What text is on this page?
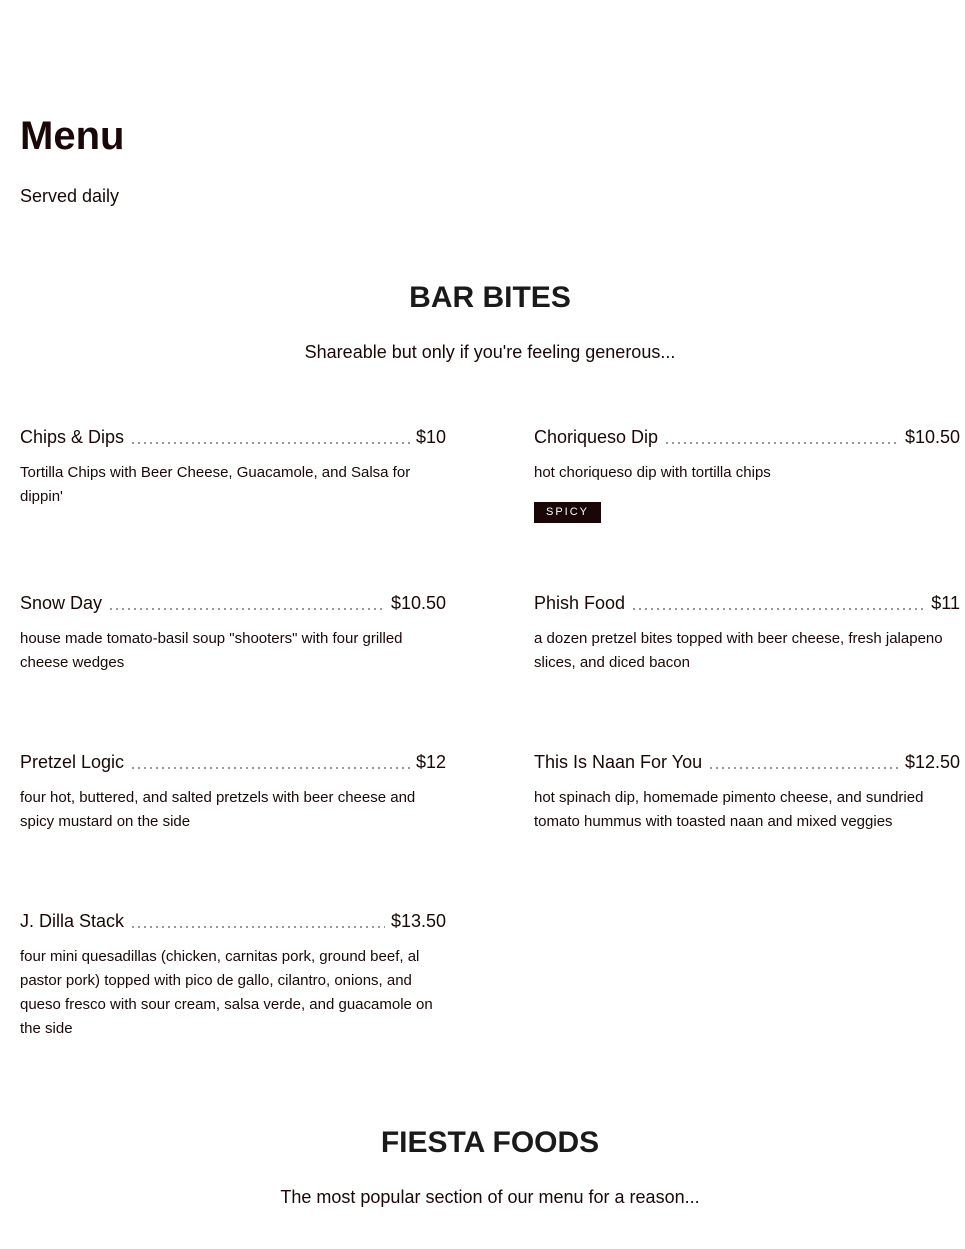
Menu

Served daily

BAR BITES

Shareable but only if you're feeling generous...

Chips & Dips	$10

Tortilla Chips with Beer Cheese, Guacamole, and Salsa for dippin'

Choriqueso Dip	$10.50

hot choriqueso dip with tortilla chips

SPICY
Snow Day	$10.50

house made tomato-basil soup "shooters" with four grilled cheese wedges

Phish Food	$11

a dozen pretzel bites topped with beer cheese, fresh jalapeno slices, and diced bacon

Pretzel Logic	$12

four hot, buttered, and salted pretzels with beer cheese and spicy mustard on the side

This Is Naan For You	$12.50

hot spinach dip, homemade pimento cheese, and sundried tomato hummus with toasted naan and mixed veggies

J. Dilla Stack	$13.50

four mini quesadillas (chicken, carnitas pork, ground beef, al pastor pork) topped with pico de gallo, cilantro, onions, and queso fresco with sour cream, salsa verde, and guacamole on the side

FIESTA FOODS

The most popular section of our menu for a reason...
